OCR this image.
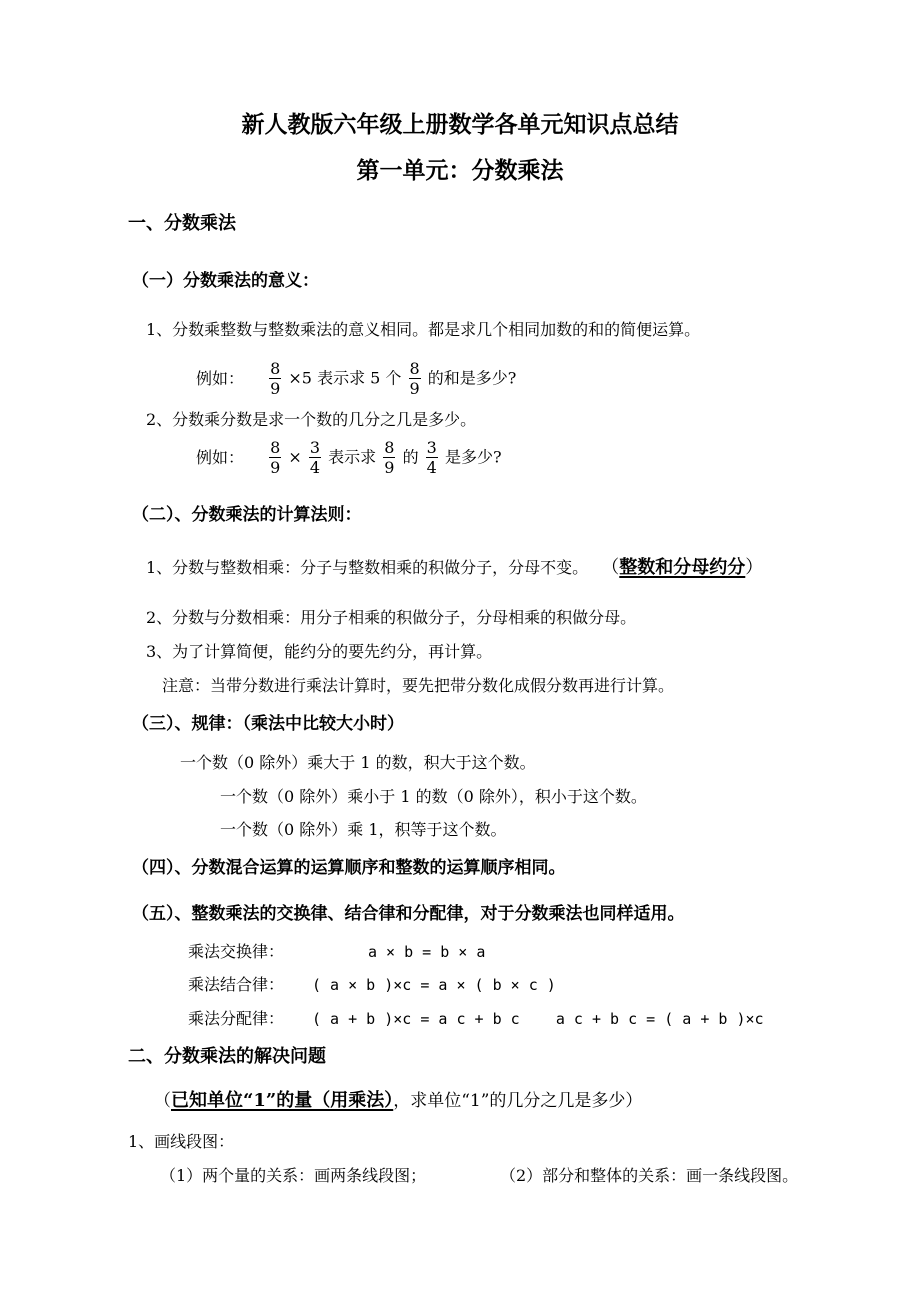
新人教版六年级上册数学各单元知识点总结
第一单元：分数乘法
一、分数乘法
（一）分数乘法的意义：
1、分数乘整数与整数乘法的意义相同。都是求几个相同加数的和的简便运算。
例如： $\frac{8}{9} \times 5$ 表示求 5 个 $\frac{8}{9}$ 的和是多少?
2、分数乘分数是求一个数的几分之几是多少。
例如： $\frac{8}{9} \times \frac{3}{4}$ 表示求 $\frac{8}{9}$ 的 $\frac{3}{4}$ 是多少?
（二）、分数乘法的计算法则：
1、分数与整数相乘：分子与整数相乘的积做分子，分母不变。 （整数和分母约分）
2、分数与分数相乘：用分子相乘的积做分子，分母相乘的积做分母。
3、为了计算简便，能约分的要先约分，再计算。
注意：当带分数进行乘法计算时，要先把带分数化成假分数再进行计算。
（三）、规律：（乘法中比较大小时）
一个数（0 除外）乘大于 1 的数，积大于这个数。
一个数（0 除外）乘小于 1 的数（0 除外），积小于这个数。
一个数（0 除外）乘 1，积等于这个数。
（四）、分数混合运算的运算顺序和整数的运算顺序相同。
（五）、整数乘法的交换律、结合律和分配律，对于分数乘法也同样适用。
乘法交换律：	a × b = b × a
乘法结合律： ( a × b )×c = a × ( b × c )
乘法分配律： ( a + b )×c = a c + b c    a c + b c = ( a + b )×c
二、分数乘法的解决问题
（已知单位“1”的量（用乘法），求单位“1”的几分之几是多少）
1、画线段图：
（1）两个量的关系：画两条线段图；	（2）部分和整体的关系：画一条线段图。
